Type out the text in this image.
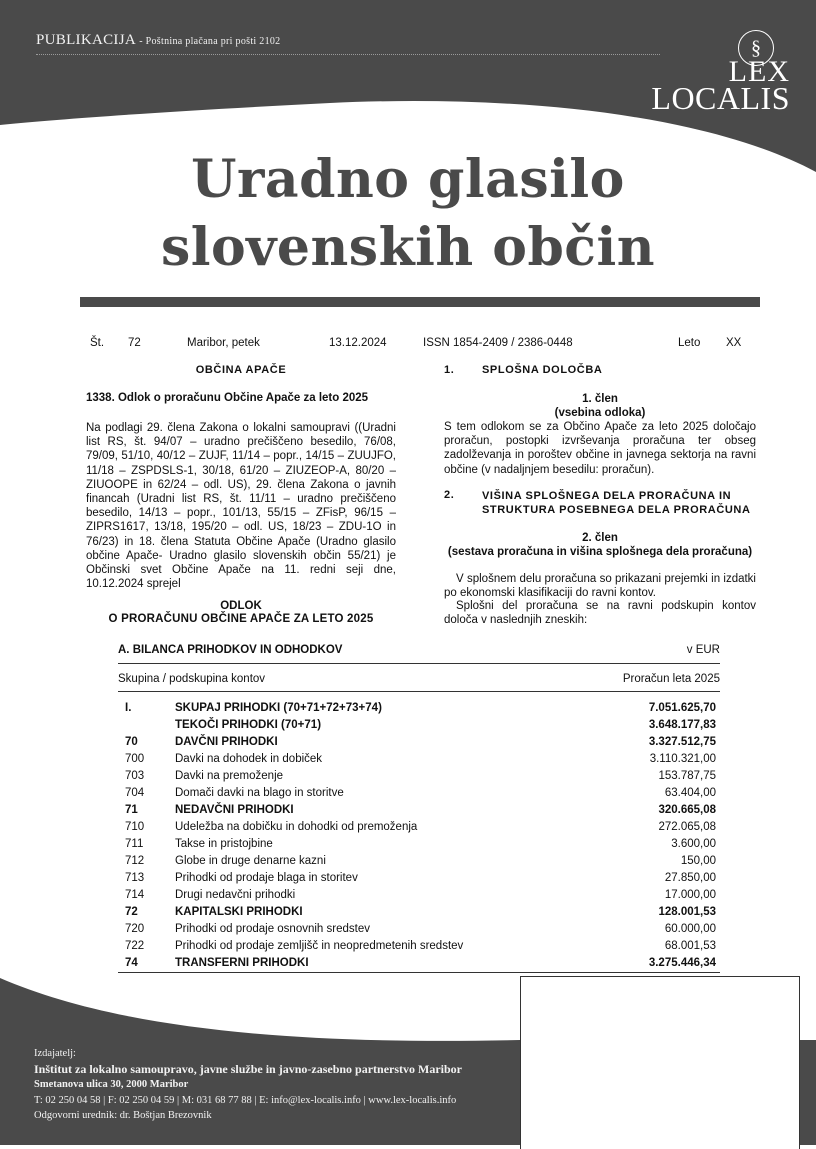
PUBLIKACIJA - Poštnina plačana pri pošti 2102	§
LEX
LOCALIS
Uradno glasilo
slovenskih občin
Št. 72	Maribor, petek	13.12.2024	ISSN 1854-2409 / 2386-0448	Leto XX
OBČINA APAČE
1338. Odlok o proračunu Občine Apače za leto 2025
Na podlagi 29. člena Zakona o lokalni samoupravi ((Uradni list RS, št. 94/07 – uradno prečiščeno besedilo, 76/08, 79/09, 51/10, 40/12 – ZUJF, 11/14 – popr., 14/15 – ZUUJFO, 11/18 – ZSPDSLS-1, 30/18, 61/20 – ZIUZEOP-A, 80/20 – ZIUOOPE in 62/24 – odl. US), 29. člena Zakona o javnih financah (Uradni list RS, št. 11/11 – uradno prečiščeno besedilo, 14/13 – popr., 101/13, 55/15 – ZFisP, 96/15 – ZIPRS1617, 13/18, 195/20 – odl. US, 18/23 – ZDU-1O in 76/23) in 18. člena Statuta Občine Apače (Uradno glasilo občine Apače- Uradno glasilo slovenskih občin 55/21) je Občinski svet Občine Apače na 11. redni seji dne, 10.12.2024 sprejel
ODLOK
O PRORAČUNU OBČINE APAČE ZA LETO 2025
1.	SPLOŠNA DOLOČBA
1. člen
(vsebina odloka)
S tem odlokom se za Občino Apače za leto 2025 določajo proračun, postopki izvrševanja proračuna ter obseg zadolževanja in poroštev občine in javnega sektorja na ravni občine (v nadaljnjem besedilu: proračun).
2.	VIŠINA SPLOŠNEGA DELA PRORAČUNA IN STRUKTURA POSEBNEGA DELA PRORAČUNA
2. člen
(sestava proračuna in višina splošnega dela proračuna)
V splošnem delu proračuna so prikazani prejemki in izdatki po ekonomski klasifikaciji do ravni kontov.
Splošni del proračuna se na ravni podskupin kontov določa v naslednjih zneskih:
A. BILANCA PRIHODKOV IN ODHODKOV	v EUR
Skupina / podskupina kontov	Proračun leta 2025
I.	SKUPAJ PRIHODKI (70+71+72+73+74)	7.051.625,70
TEKOČI PRIHODKI (70+71)	3.648.177,83
70	DAVČNI PRIHODKI	3.327.512,75
700	Davki na dohodek in dobiček	3.110.321,00
703	Davki na premoženje	153.787,75
704	Domači davki na blago in storitve	63.404,00
71	NEDAVČNI PRIHODKI	320.665,08
710	Udeležba na dobičku in dohodki od premoženja	272.065,08
711	Takse in pristojbine	3.600,00
712	Globe in druge denarne kazni	150,00
713	Prihodki od prodaje blaga in storitev	27.850,00
714	Drugi nedavčni prihodki	17.000,00
72	KAPITALSKI PRIHODKI	128.001,53
720	Prihodki od prodaje osnovnih sredstev	60.000,00
722	Prihodki od prodaje zemljišč in neopredmetenih sredstev	68.001,53
74	TRANSFERNI PRIHODKI	3.275.446,34
Izdajatelj:
Inštitut za lokalno samoupravo, javne službe in javno-zasebno partnerstvo Maribor
Smetanova ulica 30, 2000 Maribor
T: 02 250 04 58 | F: 02 250 04 59 | M: 031 68 77 88 | E: info@lex-localis.info | www.lex-localis.info
Odgovorni urednik: dr. Boštjan Brezovnik
